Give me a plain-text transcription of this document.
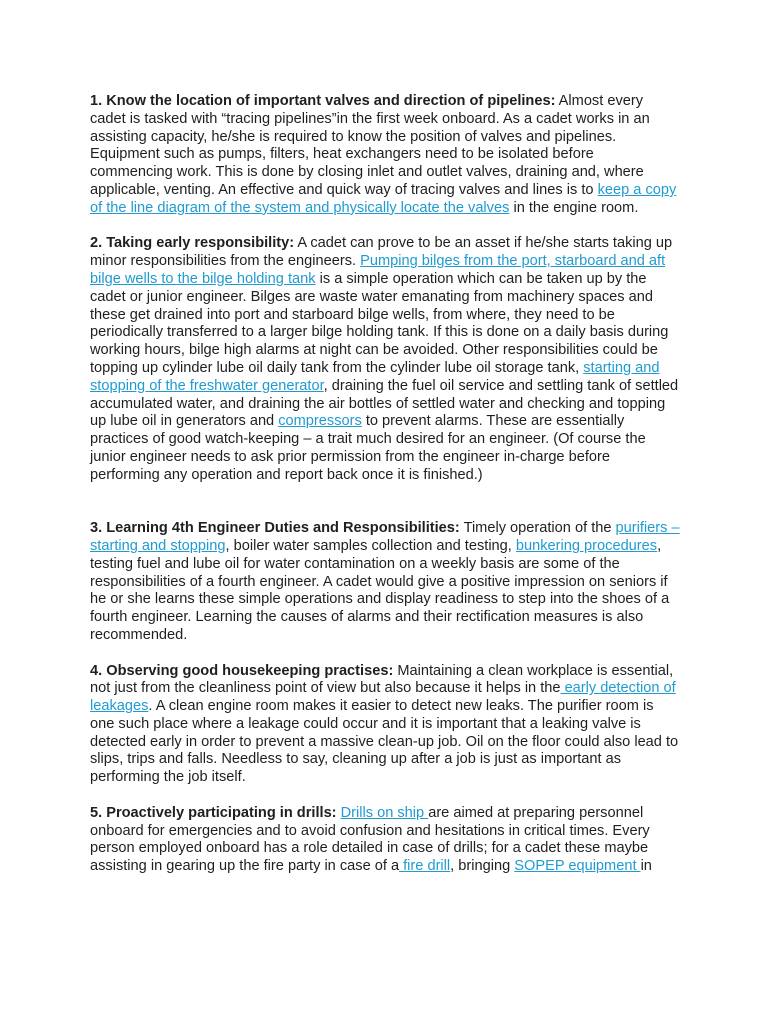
1. Know the location of important valves and direction of pipelines: Almost every cadet is tasked with “tracing pipelines”in the first week onboard. As a cadet works in an assisting capacity, he/she is required to know the position of valves and pipelines. Equipment such as pumps, filters, heat exchangers need to be isolated before commencing work. This is done by closing inlet and outlet valves, draining and, where applicable, venting. An effective and quick way of tracing valves and lines is to keep a copy of the line diagram of the system and physically locate the valves in the engine room.

2. Taking early responsibility: A cadet can prove to be an asset if he/she starts taking up minor responsibilities from the engineers. Pumping bilges from the port, starboard and aft bilge wells to the bilge holding tank is a simple operation which can be taken up by the cadet or junior engineer. Bilges are waste water emanating from machinery spaces and these get drained into port and starboard bilge wells, from where, they need to be periodically transferred to a larger bilge holding tank. If this is done on a daily basis during working hours, bilge high alarms at night can be avoided. Other responsibilities could be topping up cylinder lube oil daily tank from the cylinder lube oil storage tank, starting and stopping of the freshwater generator, draining the fuel oil service and settling tank of settled accumulated water, and draining the air bottles of settled water and checking and topping up lube oil in generators and compressors to prevent alarms. These are essentially practices of good watch-keeping – a trait much desired for an engineer. (Of course the junior engineer needs to ask prior permission from the engineer in-charge before performing any operation and report back once it is finished.)

3. Learning 4th Engineer Duties and Responsibilities: Timely operation of the purifiers – starting and stopping, boiler water samples collection and testing, bunkering procedures, testing fuel and lube oil for water contamination on a weekly basis are some of the responsibilities of a fourth engineer. A cadet would give a positive impression on seniors if he or she learns these simple operations and display readiness to step into the shoes of a fourth engineer. Learning the causes of alarms and their rectification measures is also recommended.

4. Observing good housekeeping practises: Maintaining a clean workplace is essential, not just from the cleanliness point of view but also because it helps in the early detection of leakages. A clean engine room makes it easier to detect new leaks. The purifier room is one such place where a leakage could occur and it is important that a leaking valve is detected early in order to prevent a massive clean-up job. Oil on the floor could also lead to slips, trips and falls. Needless to say, cleaning up after a job is just as important as performing the job itself.

5. Proactively participating in drills: Drills on ship are aimed at preparing personnel onboard for emergencies and to avoid confusion and hesitations in critical times. Every person employed onboard has a role detailed in case of drills; for a cadet these maybe assisting in gearing up the fire party in case of a fire drill, bringing SOPEP equipment in
